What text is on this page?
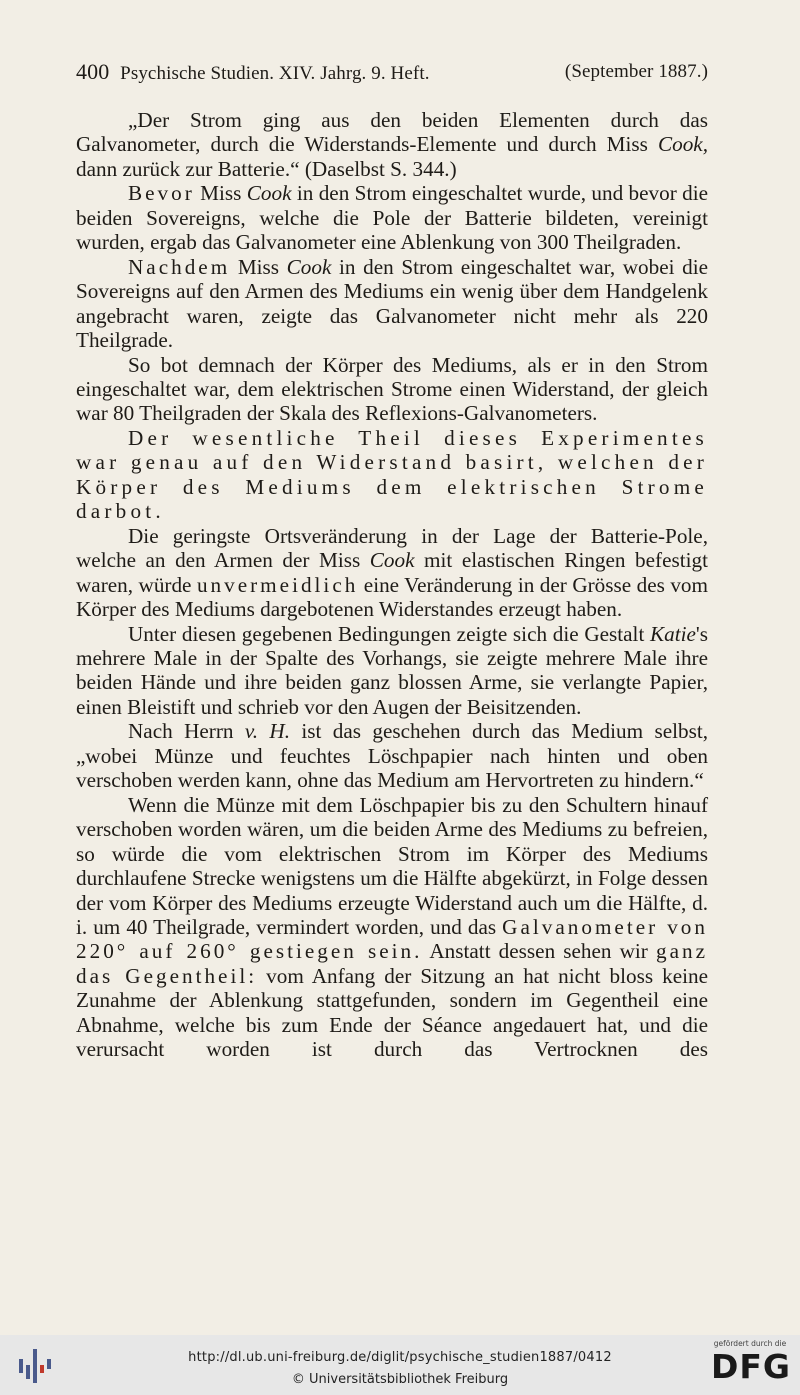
400 Psychische Studien. XIV. Jahrg. 9. Heft.	(September 1887.)

„Der Strom ging aus den beiden Elementen durch das Galvanometer, durch die Widerstands-Elemente und durch Miss Cook, dann zurück zur Batterie.“ (Daselbst S. 344.)

Bevor Miss Cook in den Strom eingeschaltet wurde, und bevor die beiden Sovereigns, welche die Pole der Batterie bildeten, vereinigt wurden, ergab das Galvanometer eine Ablenkung von 300 Theilgraden.

Nachdem Miss Cook in den Strom eingeschaltet war, wobei die Sovereigns auf den Armen des Mediums ein wenig über dem Handgelenk angebracht waren, zeigte das Galvanometer nicht mehr als 220 Theilgrade.

So bot demnach der Körper des Mediums, als er in den Strom eingeschaltet war, dem elektrischen Strome einen Widerstand, der gleich war 80 Theilgraden der Skala des Reflexions-Galvanometers.

Der wesentliche Theil dieses Experimentes war genau auf den Widerstand basirt, welchen der Körper des Mediums dem elektrischen Strome darbot.

Die geringste Ortsveränderung in der Lage der Batterie-Pole, welche an den Armen der Miss Cook mit elastischen Ringen befestigt waren, würde unvermeidlich eine Veränderung in der Grösse des vom Körper des Mediums dargebotenen Widerstandes erzeugt haben.

Unter diesen gegebenen Bedingungen zeigte sich die Gestalt Katie's mehrere Male in der Spalte des Vorhangs, sie zeigte mehrere Male ihre beiden Hände und ihre beiden ganz blossen Arme, sie verlangte Papier, einen Bleistift und schrieb vor den Augen der Beisitzenden.

Nach Herrn v. H. ist das geschehen durch das Medium selbst, „wobei Münze und feuchtes Löschpapier nach hinten und oben verschoben werden kann, ohne das Medium am Hervortreten zu hindern.“

Wenn die Münze mit dem Löschpapier bis zu den Schultern hinauf verschoben worden wären, um die beiden Arme des Mediums zu befreien, so würde die vom elektrischen Strom im Körper des Mediums durchlaufene Strecke wenigstens um die Hälfte abgekürzt, in Folge dessen der vom Körper des Mediums erzeugte Widerstand auch um die Hälfte, d. i. um 40 Theilgrade, vermindert worden, und das Galvanometer von 220° auf 260° gestiegen sein. Anstatt dessen sehen wir ganz das Gegentheil: vom Anfang der Sitzung an hat nicht bloss keine Zunahme der Ablenkung stattgefunden, sondern im Gegentheil eine Abnahme, welche bis zum Ende der Séance angedauert hat, und die verursacht worden ist durch das Vertrocknen des

http://dl.ub.uni-freiburg.de/diglit/psychische_studien1887/0412
© Universitätsbibliothek Freiburg
gefördert durch die
DFG
